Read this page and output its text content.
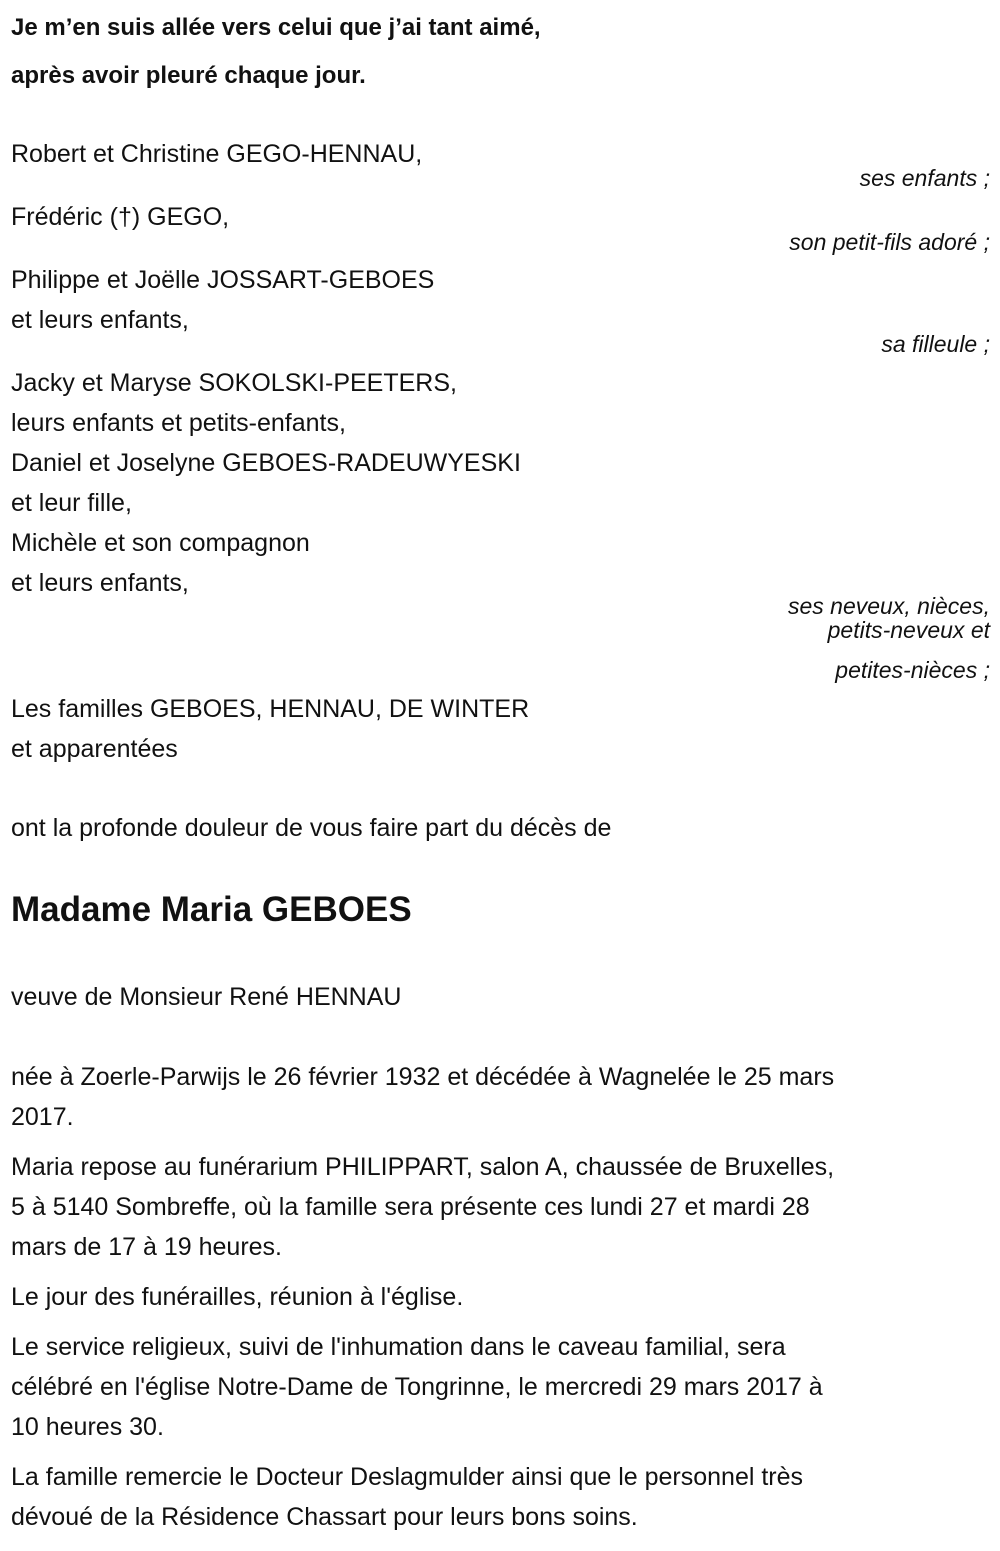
Je m’en suis allée vers celui que j’ai tant aimé,
après avoir pleuré chaque jour.
Robert et Christine GEGO-HENNAU,
ses enfants ;
Frédéric (†) GEGO,
son petit-fils adoré ;
Philippe et Joëlle JOSSART-GEBOES
et leurs enfants,
sa filleule ;
Jacky et Maryse SOKOLSKI-PEETERS,
leurs enfants et petits-enfants,
Daniel et Joselyne GEBOES-RADEUWYESKI
et leur fille,
Michèle et son compagnon
et leurs enfants,
ses neveux, nièces,
petits-neveux et
petites-nièces ;
Les familles GEBOES, HENNAU, DE WINTER
et apparentées
ont la profonde douleur de vous faire part du décès de
Madame Maria GEBOES
veuve de Monsieur René HENNAU
née à Zoerle-Parwijs le 26 février 1932 et décédée à Wagnelée le 25 mars
2017.
Maria repose au funérarium PHILIPPART, salon A, chaussée de Bruxelles,
5 à 5140 Sombreffe, où la famille sera présente ces lundi 27 et mardi 28
mars de 17 à 19 heures.
Le jour des funérailles, réunion à l'église.
Le service religieux, suivi de l'inhumation dans le caveau familial, sera
célébré en l'église Notre-Dame de Tongrinne, le mercredi 29 mars 2017 à
10 heures 30.
La famille remercie le Docteur Deslagmulder ainsi que le personnel très
dévoué de la Résidence Chassart pour leurs bons soins.
